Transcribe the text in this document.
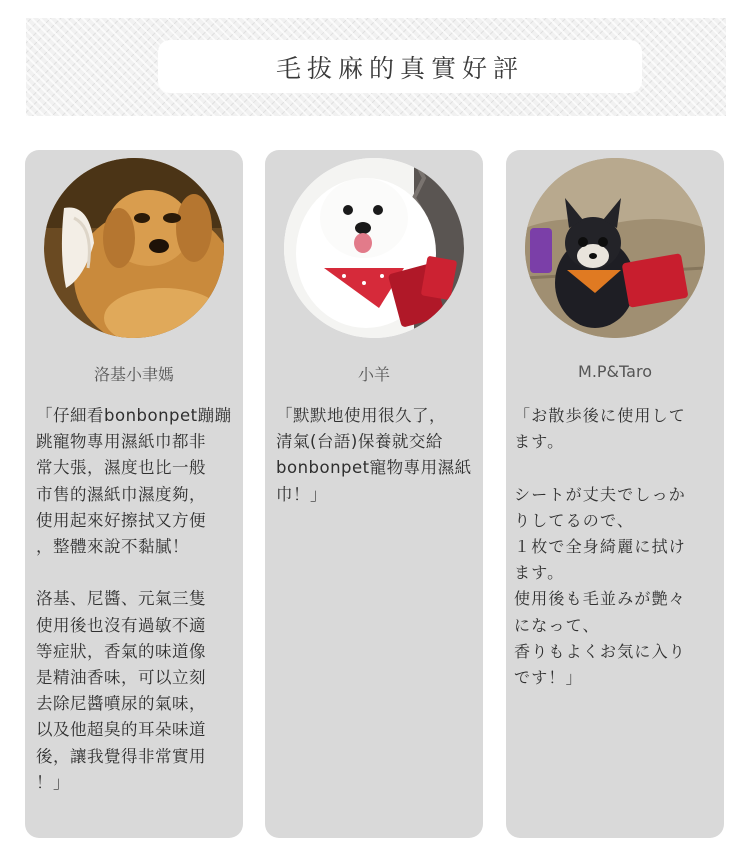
毛拔麻的真實好評
洛基小聿媽
「仔細看bonbonpet蹦蹦
跳寵物專用濕紙巾都非
常大張，濕度也比一般
市售的濕紙巾濕度夠，
使用起來好擦拭又方便
，整體來說不黏膩！

洛基、尼醬、元氣三隻
使用後也沒有過敏不適
等症狀，香氣的味道像
是精油香味，可以立刻
去除尼醬噴尿的氣味，
以及他超臭的耳朵味道
後，讓我覺得非常實用
！」
小羊
「默默地使用很久了，
清氣(台語)保養就交給
bonbonpet寵物專用濕紙
巾！」
M.P&Taro
「お散歩後に使用して
ます。

シートが丈夫でしっか
りしてるので、
１枚で全身綺麗に拭け
ます。
使用後も毛並みが艶々
になって、
香りもよくお気に入り
です！」
